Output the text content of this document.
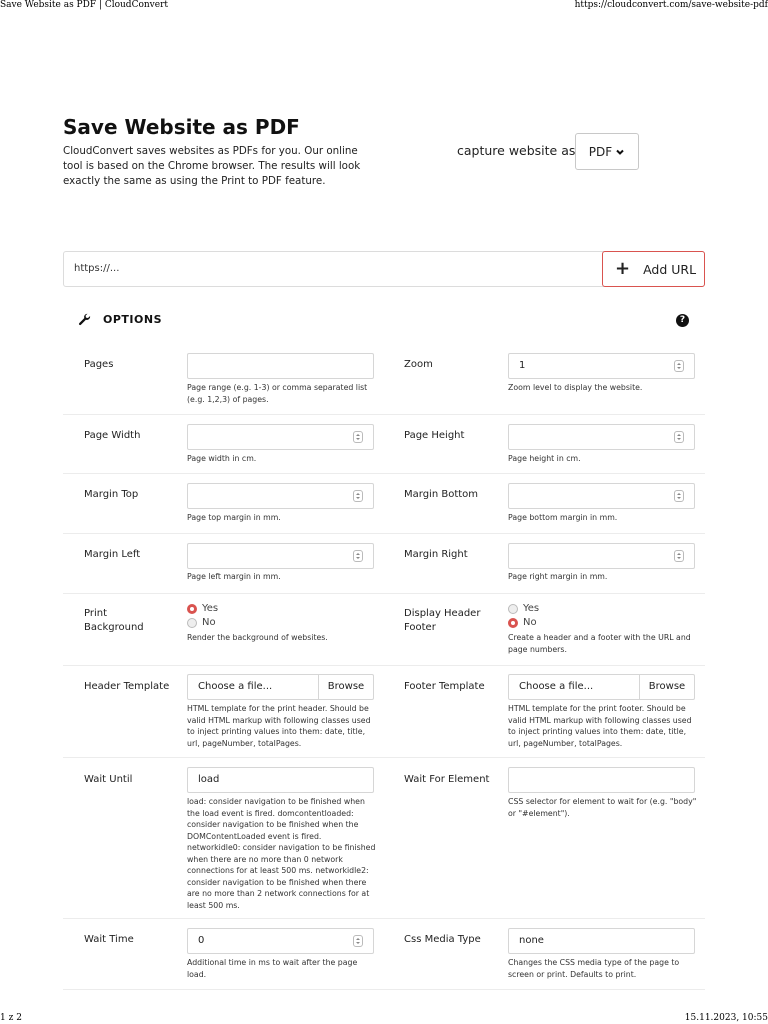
Save Website as PDF | CloudConvert	https://cloudconvert.com/save-website-pdf
1 z 2	15.11.2023, 10:55
Save Website as PDF

CloudConvert saves websites as PDFs for you. Our online tool is based on the Chrome browser. The results will look exactly the same as using the Print to PDF feature.

capture website as PDF
https://...	+ Add URL
OPTIONS	?
Pages
Page range (e.g. 1-3) or comma separated list (e.g. 1,2,3) of pages.
Zoom	1
Zoom level to display the website.
Page Width
Page width in cm.
Page Height
Page height in cm.
Margin Top
Page top margin in mm.
Margin Bottom
Page bottom margin in mm.
Margin Left
Page left margin in mm.
Margin Right
Page right margin in mm.
Print Background
Yes
No
Render the background of websites.
Display Header Footer
Yes
No
Create a header and a footer with the URL and page numbers.
Header Template	Choose a file...	Browse
HTML template for the print header. Should be valid HTML markup with following classes used to inject printing values into them: date, title, url, pageNumber, totalPages.
Footer Template	Choose a file...	Browse
HTML template for the print footer. Should be valid HTML markup with following classes used to inject printing values into them: date, title, url, pageNumber, totalPages.
Wait Until	load
load: consider navigation to be finished when the load event is fired. domcontentloaded: consider navigation to be finished when the DOMContentLoaded event is fired. networkidle0: consider navigation to be finished when there are no more than 0 network connections for at least 500 ms. networkidle2: consider navigation to be finished when there are no more than 2 network connections for at least 500 ms.
Wait For Element
CSS selector for element to wait for (e.g. "body" or "#element").
Wait Time	0
Additional time in ms to wait after the page load.
Css Media Type	none
Changes the CSS media type of the page to screen or print. Defaults to print.
